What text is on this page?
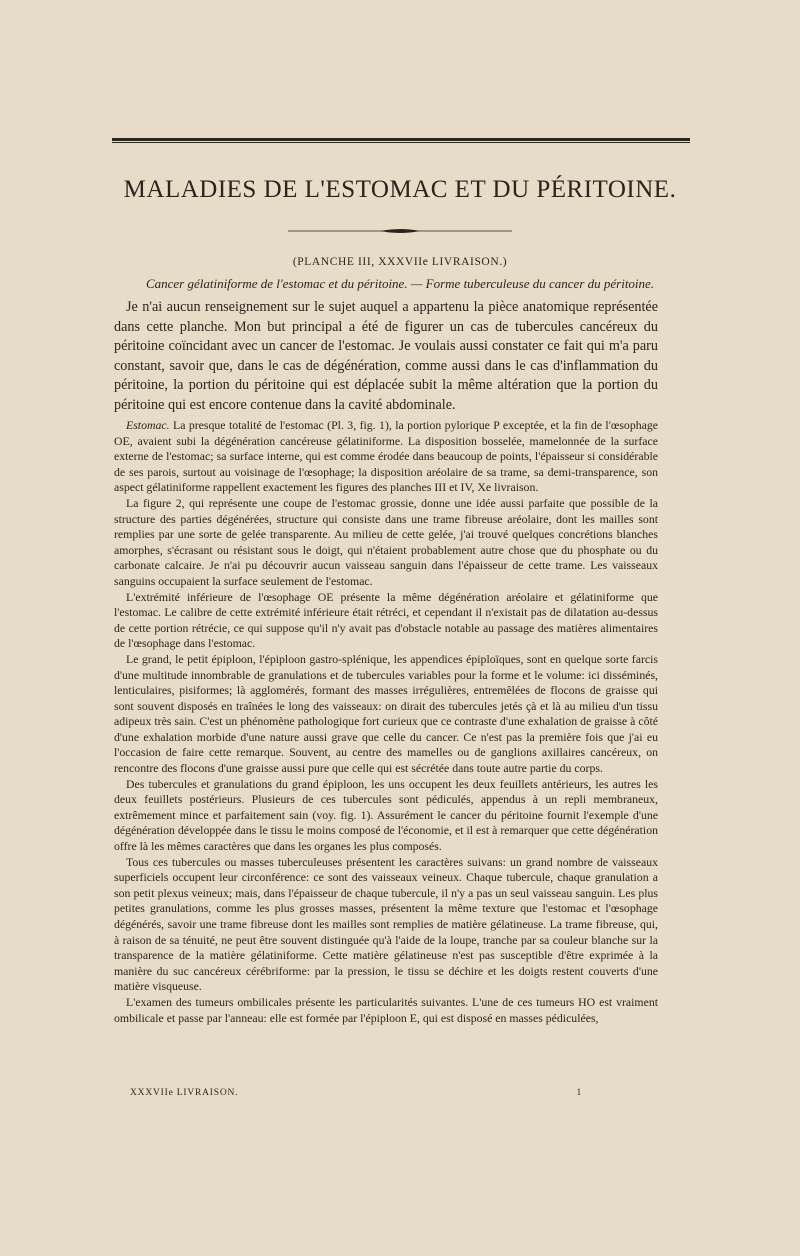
MALADIES DE L'ESTOMAC ET DU PÉRITOINE.
(PLANCHE III, XXXVIIe LIVRAISON.)
Cancer gélatiniforme de l'estomac et du péritoine. — Forme tuberculeuse du cancer du péritoine.

Je n'ai aucun renseignement sur le sujet auquel a appartenu la pièce anatomique représentée dans cette planche. Mon but principal a été de figurer un cas de tubercules cancéreux du péritoine coïncidant avec un cancer de l'estomac. Je voulais aussi constater ce fait qui m'a paru constant, savoir que, dans le cas de dégénération, comme aussi dans le cas d'inflammation du péritoine, la portion du péritoine qui est déplacée subit la même altération que la portion du péritoine qui est encore contenue dans la cavité abdominale.

Estomac. La presque totalité de l'estomac (Pl. 3, fig. 1), la portion pylorique P exceptée, et la fin de l'œsophage OE, avaient subi la dégénération cancéreuse gélatiniforme. La disposition bosselée, mamelonnée de la surface externe de l'estomac; sa surface interne, qui est comme érodée dans beaucoup de points, l'épaisseur si considérable de ses parois, surtout au voisinage de l'œsophage; la disposition aréolaire de sa trame, sa demi-transparence, son aspect gélatiniforme rappellent exactement les figures des planches III et IV, Xe livraison.

La figure 2, qui représente une coupe de l'estomac grossie, donne une idée aussi parfaite que possible de la structure des parties dégénérées, structure qui consiste dans une trame fibreuse aréolaire, dont les mailles sont remplies par une sorte de gelée transparente. Au milieu de cette gelée, j'ai trouvé quelques concrétions blanches amorphes, s'écrasant ou résistant sous le doigt, qui n'étaient probablement autre chose que du phosphate ou du carbonate calcaire. Je n'ai pu découvrir aucun vaisseau sanguin dans l'épaisseur de cette trame. Les vaisseaux sanguins occupaient la surface seulement de l'estomac.

L'extrémité inférieure de l'œsophage OE présente la même dégénération aréolaire et gélatiniforme que l'estomac. Le calibre de cette extrémité inférieure était rétréci, et cependant il n'existait pas de dilatation au-dessus de cette portion rétrécie, ce qui suppose qu'il n'y avait pas d'obstacle notable au passage des matières alimentaires de l'œsophage dans l'estomac.

Le grand, le petit épiploon, l'épiploon gastro-splénique, les appendices épiploïques, sont en quelque sorte farcis d'une multitude innombrable de granulations et de tubercules variables pour la forme et le volume: ici disséminés, lenticulaires, pisiformes; là agglomérés, formant des masses irrégulières, entremêlées de flocons de graisse qui sont souvent disposés en traînées le long des vaisseaux: on dirait des tubercules jetés çà et là au milieu d'un tissu adipeux très sain. C'est un phénomène pathologique fort curieux que ce contraste d'une exhalation de graisse à côté d'une exhalation morbide d'une nature aussi grave que celle du cancer. Ce n'est pas la première fois que j'ai eu l'occasion de faire cette remarque. Souvent, au centre des mamelles ou de ganglions axillaires cancéreux, on rencontre des flocons d'une graisse aussi pure que celle qui est sécrétée dans toute autre partie du corps.

Des tubercules et granulations du grand épiploon, les uns occupent les deux feuillets antérieurs, les autres les deux feuillets postérieurs. Plusieurs de ces tubercules sont pédiculés, appendus à un repli membraneux, extrêmement mince et parfaitement sain (voy. fig. 1). Assurément le cancer du péritoine fournit l'exemple d'une dégénération développée dans le tissu le moins composé de l'économie, et il est à remarquer que cette dégénération offre là les mêmes caractères que dans les organes les plus composés.

Tous ces tubercules ou masses tuberculeuses présentent les caractères suivans: un grand nombre de vaisseaux superficiels occupent leur circonférence: ce sont des vaisseaux veineux. Chaque tubercule, chaque granulation a son petit plexus veineux; mais, dans l'épaisseur de chaque tubercule, il n'y a pas un seul vaisseau sanguin. Les plus petites granulations, comme les plus grosses masses, présentent la même texture que l'estomac et l'œsophage dégénérés, savoir une trame fibreuse dont les mailles sont remplies de matière gélatineuse. La trame fibreuse, qui, à raison de sa ténuité, ne peut être souvent distinguée qu'à l'aide de la loupe, tranche par sa couleur blanche sur la transparence de la matière gélatiniforme. Cette matière gélatineuse n'est pas susceptible d'être exprimée à la manière du suc cancéreux cérébriforme: par la pression, le tissu se déchire et les doigts restent couverts d'une matière visqueuse.

L'examen des tumeurs ombilicales présente les particularités suivantes. L'une de ces tumeurs HO est vraiment ombilicale et passe par l'anneau: elle est formée par l'épiploon E, qui est disposé en masses pédiculées,

XXXVIIe LIVRAISON.	1
